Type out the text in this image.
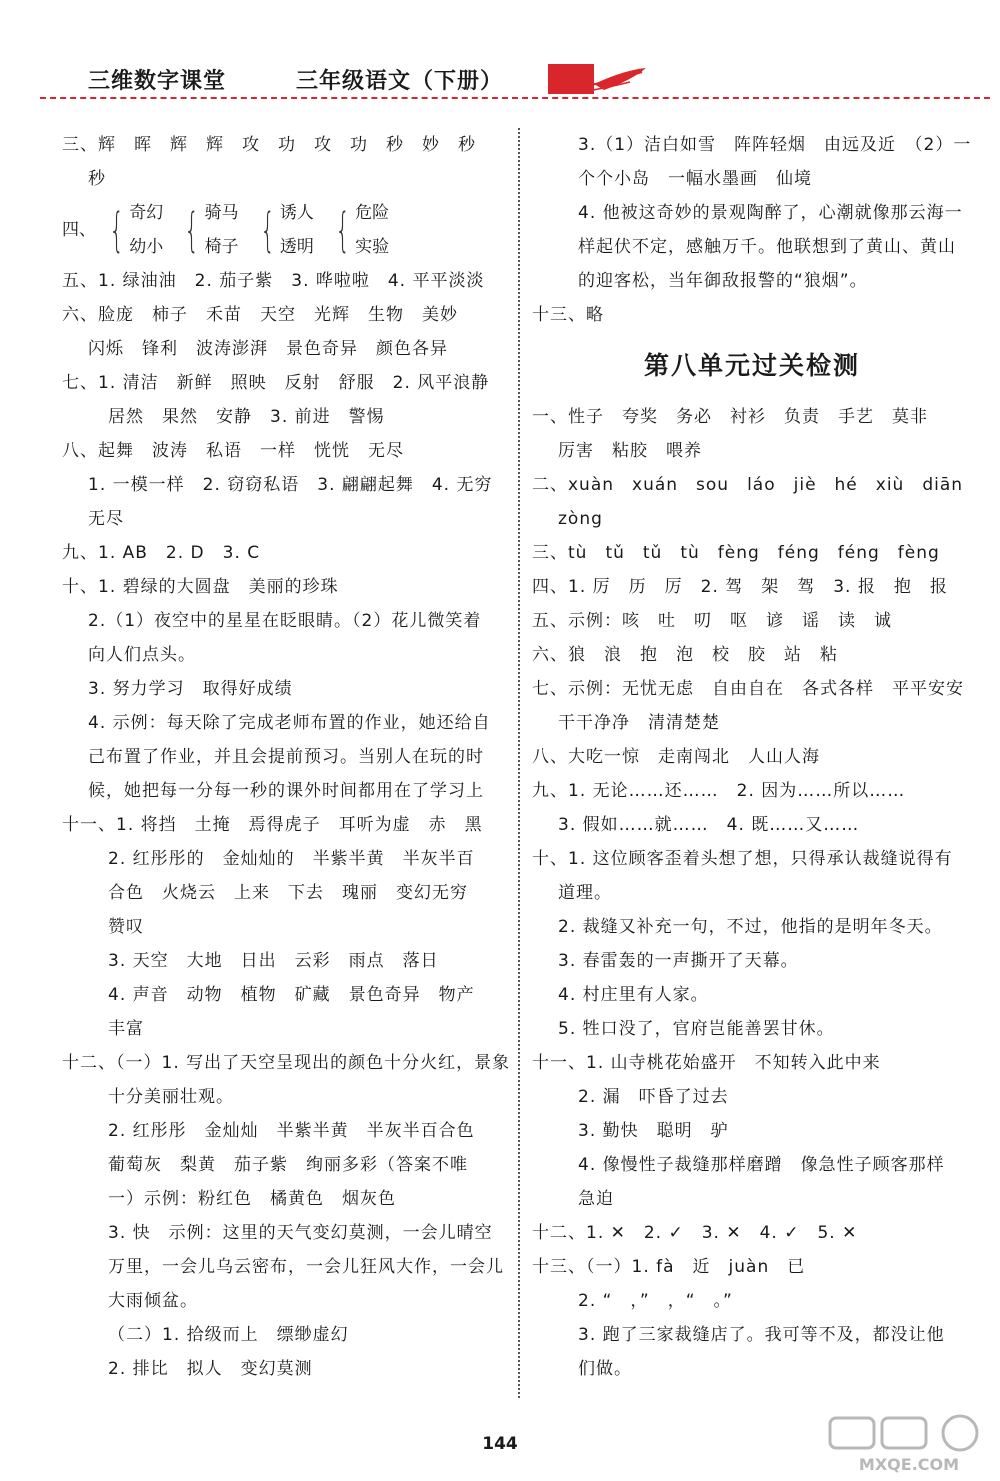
三维数字课堂	三年级语文（下册）
三、辉　晖　辉　辉　攻　功　攻　功　秒　妙　秒
秒
四、 { 奇幻
幼小 { 骑马
椅子 { 诱人
透明 { 危险
实验
五、1. 绿油油　2. 茄子紫　3. 哗啦啦　4. 平平淡淡
六、脸庞　柿子　禾苗　天空　光辉　生物　美妙
闪烁　锋利　波涛澎湃　景色奇异　颜色各异
七、1. 清洁　新鲜　照映　反射　舒服　2. 风平浪静
居然　果然　安静　3. 前进　警惕
八、起舞　波涛　私语　一样　恍恍　无尽
1. 一模一样　2. 窃窃私语　3. 翩翩起舞　4. 无穷
无尽
九、1. AB　2. D　3. C
十、1. 碧绿的大圆盘　美丽的珍珠
2.（1）夜空中的星星在眨眼睛。（2）花儿微笑着
向人们点头。
3. 努力学习　取得好成绩
4. 示例：每天除了完成老师布置的作业，她还给自
己布置了作业，并且会提前预习。当别人在玩的时
候，她把每一分每一秒的课外时间都用在了学习上
十一、1. 将挡　土掩　焉得虎子　耳听为虚　赤　黑
2. 红彤彤的　金灿灿的　半紫半黄　半灰半百
合色　火烧云　上来　下去　瑰丽　变幻无穷
赞叹
3. 天空　大地　日出　云彩　雨点　落日
4. 声音　动物　植物　矿藏　景色奇异　物产
丰富
十二、（一）1. 写出了天空呈现出的颜色十分火红，景象
十分美丽壮观。
2. 红彤彤　金灿灿　半紫半黄　半灰半百合色
葡萄灰　梨黄　茄子紫　绚丽多彩（答案不唯
一）示例：粉红色　橘黄色　烟灰色
3. 快　示例：这里的天气变幻莫测，一会儿晴空
万里，一会儿乌云密布，一会儿狂风大作，一会儿
大雨倾盆。
（二）1. 拾级而上　缥缈虚幻
2. 排比　拟人　变幻莫测
3.（1）洁白如雪　阵阵轻烟　由远及近　（2）一
个个小岛　一幅水墨画　仙境
4. 他被这奇妙的景观陶醉了，心潮就像那云海一
样起伏不定，感触万千。他联想到了黄山、黄山
的迎客松，当年御敌报警的“狼烟”。
十三、略
第八单元过关检测
一、性子　夸奖　务必　衬衫　负责　手艺　莫非
厉害　粘胶　喂养
二、xuàn　xuán　sou　láo　jiè　hé　xiù　diān
zòng
三、tù　tǔ　tǔ　tù　fèng　féng　féng　fèng
四、1. 厉　历　厉　2. 驾　架　驾　3. 报　抱　报
五、示例：咳　吐　叨　呕　谚　谣　读　诚
六、狼　浪　抱　泡　校　胶　站　粘
七、示例：无忧无虑　自由自在　各式各样　平平安安
干干净净　清清楚楚
八、大吃一惊　走南闯北　人山人海
九、1. 无论……还……　2. 因为……所以……
3. 假如……就……　4. 既……又……
十、1. 这位顾客歪着头想了想，只得承认裁缝说得有
道理。
2. 裁缝又补充一句，不过，他指的是明年冬天。
3. 春雷轰的一声撕开了天幕。
4. 村庄里有人家。
5. 牲口没了，官府岂能善罢甘休。
十一、1. 山寺桃花始盛开　不知转入此中来
2. 漏　吓昏了过去
3. 勤快　聪明　驴
4. 像慢性子裁缝那样磨蹭　像急性子顾客那样
急迫
十二、1. ✕　2. ✓　3. ✕　4. ✓　5. ✕
十三、（一）1. fà　近　juàn　已
2. “　，”　，“　。”
3. 跑了三家裁缝店了。我可等不及，都没让他
们做。
144
MXQE.COM
